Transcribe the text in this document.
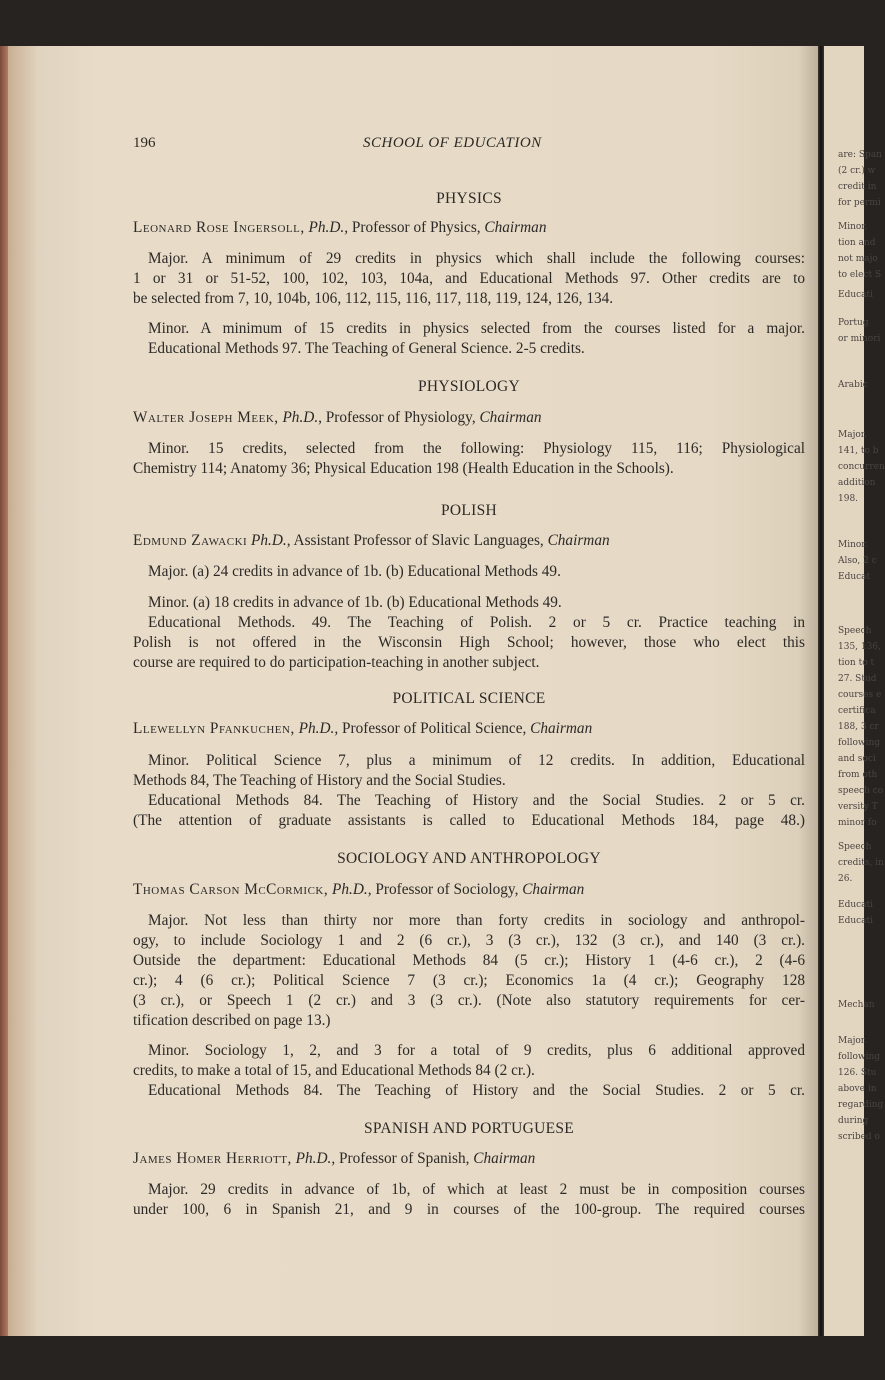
are: Span
(2 cr.) w
credit in
for permi
Minor.
tion and
not majo
to elect S
Educati
Portug
or minori
Arabic
Major.
141, to b
concurren
addition
198.
Minor.
Also, 2 c
Educat
Speech
135, 136,
tion to t
27. Stud
courses e
certifica
188, 3 cr
following
and soci
from oth
speech co
versity T
minor fo
Speech
credits, in
26.
Educati
Educati
Mechan
Major.
following
126. Stu
above in
regarding
during
scribed o
196	SCHOOL OF EDUCATION
PHYSICS
Leonard Rose Ingersoll, Ph.D., Professor of Physics, Chairman
Major. A minimum of 29 credits in physics which shall include the following courses:
1 or 31 or 51-52, 100, 102, 103, 104a, and Educational Methods 97. Other credits are to
be selected from 7, 10, 104b, 106, 112, 115, 116, 117, 118, 119, 124, 126, 134.
Minor. A minimum of 15 credits in physics selected from the courses listed for a major.
Educational Methods 97. The Teaching of General Science. 2-5 credits.
PHYSIOLOGY
Walter Joseph Meek, Ph.D., Professor of Physiology, Chairman
Minor. 15 credits, selected from the following: Physiology 115, 116; Physiological
Chemistry 114; Anatomy 36; Physical Education 198 (Health Education in the Schools).
POLISH
Edmund Zawacki Ph.D., Assistant Professor of Slavic Languages, Chairman
Major. (a) 24 credits in advance of 1b. (b) Educational Methods 49.
Minor. (a) 18 credits in advance of 1b. (b) Educational Methods 49.
Educational Methods. 49. The Teaching of Polish. 2 or 5 cr. Practice teaching in
Polish is not offered in the Wisconsin High School; however, those who elect this
course are required to do participation-teaching in another subject.
POLITICAL SCIENCE
Llewellyn Pfankuchen, Ph.D., Professor of Political Science, Chairman
Minor. Political Science 7, plus a minimum of 12 credits. In addition, Educational
Methods 84, The Teaching of History and the Social Studies.
Educational Methods 84. The Teaching of History and the Social Studies. 2 or 5 cr.
(The attention of graduate assistants is called to Educational Methods 184, page 48.)
SOCIOLOGY AND ANTHROPOLOGY
Thomas Carson McCormick, Ph.D., Professor of Sociology, Chairman
Major. Not less than thirty nor more than forty credits in sociology and anthropol-
ogy, to include Sociology 1 and 2 (6 cr.), 3 (3 cr.), 132 (3 cr.), and 140 (3 cr.).
Outside the department: Educational Methods 84 (5 cr.); History 1 (4-6 cr.), 2 (4-6
cr.); 4 (6 cr.); Political Science 7 (3 cr.); Economics 1a (4 cr.); Geography 128
(3 cr.), or Speech 1 (2 cr.) and 3 (3 cr.). (Note also statutory requirements for cer-
tification described on page 13.)
Minor. Sociology 1, 2, and 3 for a total of 9 credits, plus 6 additional approved
credits, to make a total of 15, and Educational Methods 84 (2 cr.).
Educational Methods 84. The Teaching of History and the Social Studies. 2 or 5 cr.
SPANISH AND PORTUGUESE
James Homer Herriott, Ph.D., Professor of Spanish, Chairman
Major. 29 credits in advance of 1b, of which at least 2 must be in composition courses
under 100, 6 in Spanish 21, and 9 in courses of the 100-group. The required courses
